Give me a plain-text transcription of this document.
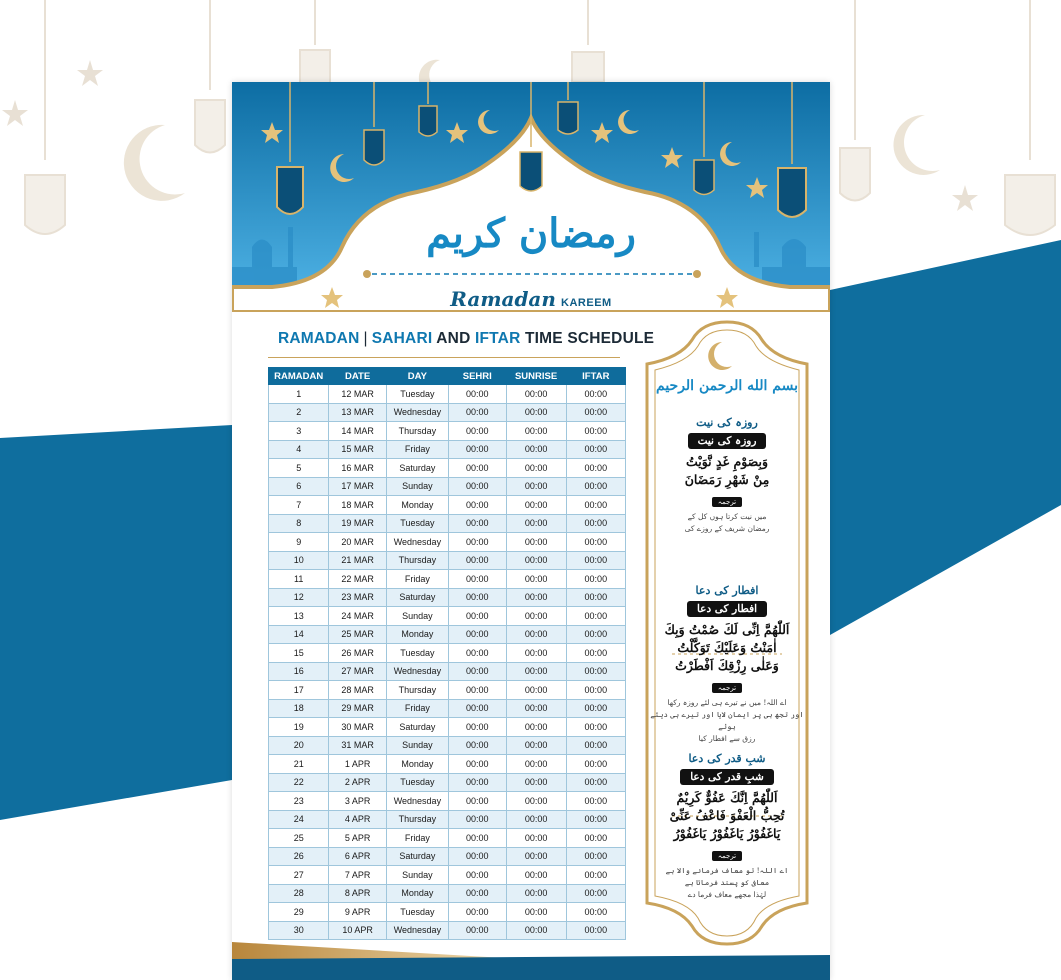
رمضان کریم
Ramadan KAREEM
RAMADAN | SAHARI AND IFTAR TIME SCHEDULE
RAMADAN	DATE	DAY	SEHRI	SUNRISE	IFTAR
1	12 MAR	Tuesday	00:00	00:00	00:00
2	13 MAR	Wednesday	00:00	00:00	00:00
3	14 MAR	Thursday	00:00	00:00	00:00
4	15 MAR	Friday	00:00	00:00	00:00
5	16 MAR	Saturday	00:00	00:00	00:00
6	17 MAR	Sunday	00:00	00:00	00:00
7	18 MAR	Monday	00:00	00:00	00:00
8	19 MAR	Tuesday	00:00	00:00	00:00
9	20 MAR	Wednesday	00:00	00:00	00:00
10	21 MAR	Thursday	00:00	00:00	00:00
11	22 MAR	Friday	00:00	00:00	00:00
12	23 MAR	Saturday	00:00	00:00	00:00
13	24 MAR	Sunday	00:00	00:00	00:00
14	25 MAR	Monday	00:00	00:00	00:00
15	26 MAR	Tuesday	00:00	00:00	00:00
16	27 MAR	Wednesday	00:00	00:00	00:00
17	28 MAR	Thursday	00:00	00:00	00:00
18	29 MAR	Friday	00:00	00:00	00:00
19	30 MAR	Saturday	00:00	00:00	00:00
20	31 MAR	Sunday	00:00	00:00	00:00
21	1 APR	Monday	00:00	00:00	00:00
22	2 APR	Tuesday	00:00	00:00	00:00
23	3 APR	Wednesday	00:00	00:00	00:00
24	4 APR	Thursday	00:00	00:00	00:00
25	5 APR	Friday	00:00	00:00	00:00
26	6 APR	Saturday	00:00	00:00	00:00
27	7 APR	Sunday	00:00	00:00	00:00
28	8 APR	Monday	00:00	00:00	00:00
29	9 APR	Tuesday	00:00	00:00	00:00
30	10 APR	Wednesday	00:00	00:00	00:00
بسم الله الرحمن الرحيم
روزہ کی نیت
روزہ کی نیت
وَبِصَوْمِ غَدٍ نَّوَيْتُ
مِنْ شَهْرِ رَمَضَانَ
ترجمہ
میں نیت کرتا ہوں کل کے
رمضان شریف کے روزے کی
افطار کی دعا
افطار کی دعا
اَللّٰهُمَّ اِنِّی لَكَ صُمْتُ وَبِكَ
اٰمَنْتُ وَعَلَيْكَ تَوَكَّلْتُ
وَعَلٰى رِزْقِكَ اَفْطَرْتُ
ترجمہ
اے اللہ! میں نے تیرے ہی لئے روزہ رکھا
اور تجھ ہی پر ایمان لایا اور تیرے ہی دیئے ہوئے
رزق سے افطار کیا
شبِ قدر کی دعا
شبِ قدر کی دعا
اَللّٰهُمَّ اِنَّكَ عَفُوٌّ كَرِيْمٌ
تُحِبُّ الْعَفْوَ فَاعْفُ عَنِّیْ
يَاغَفُوْرُ يَاغَفُوْرُ يَاغَفُوْرُ
ترجمہ
اے اللہ! تو معاف فرمانے والا ہے
معافی کو پسند فرماتا ہے
لہٰذا مجھے معاف فرما دے
